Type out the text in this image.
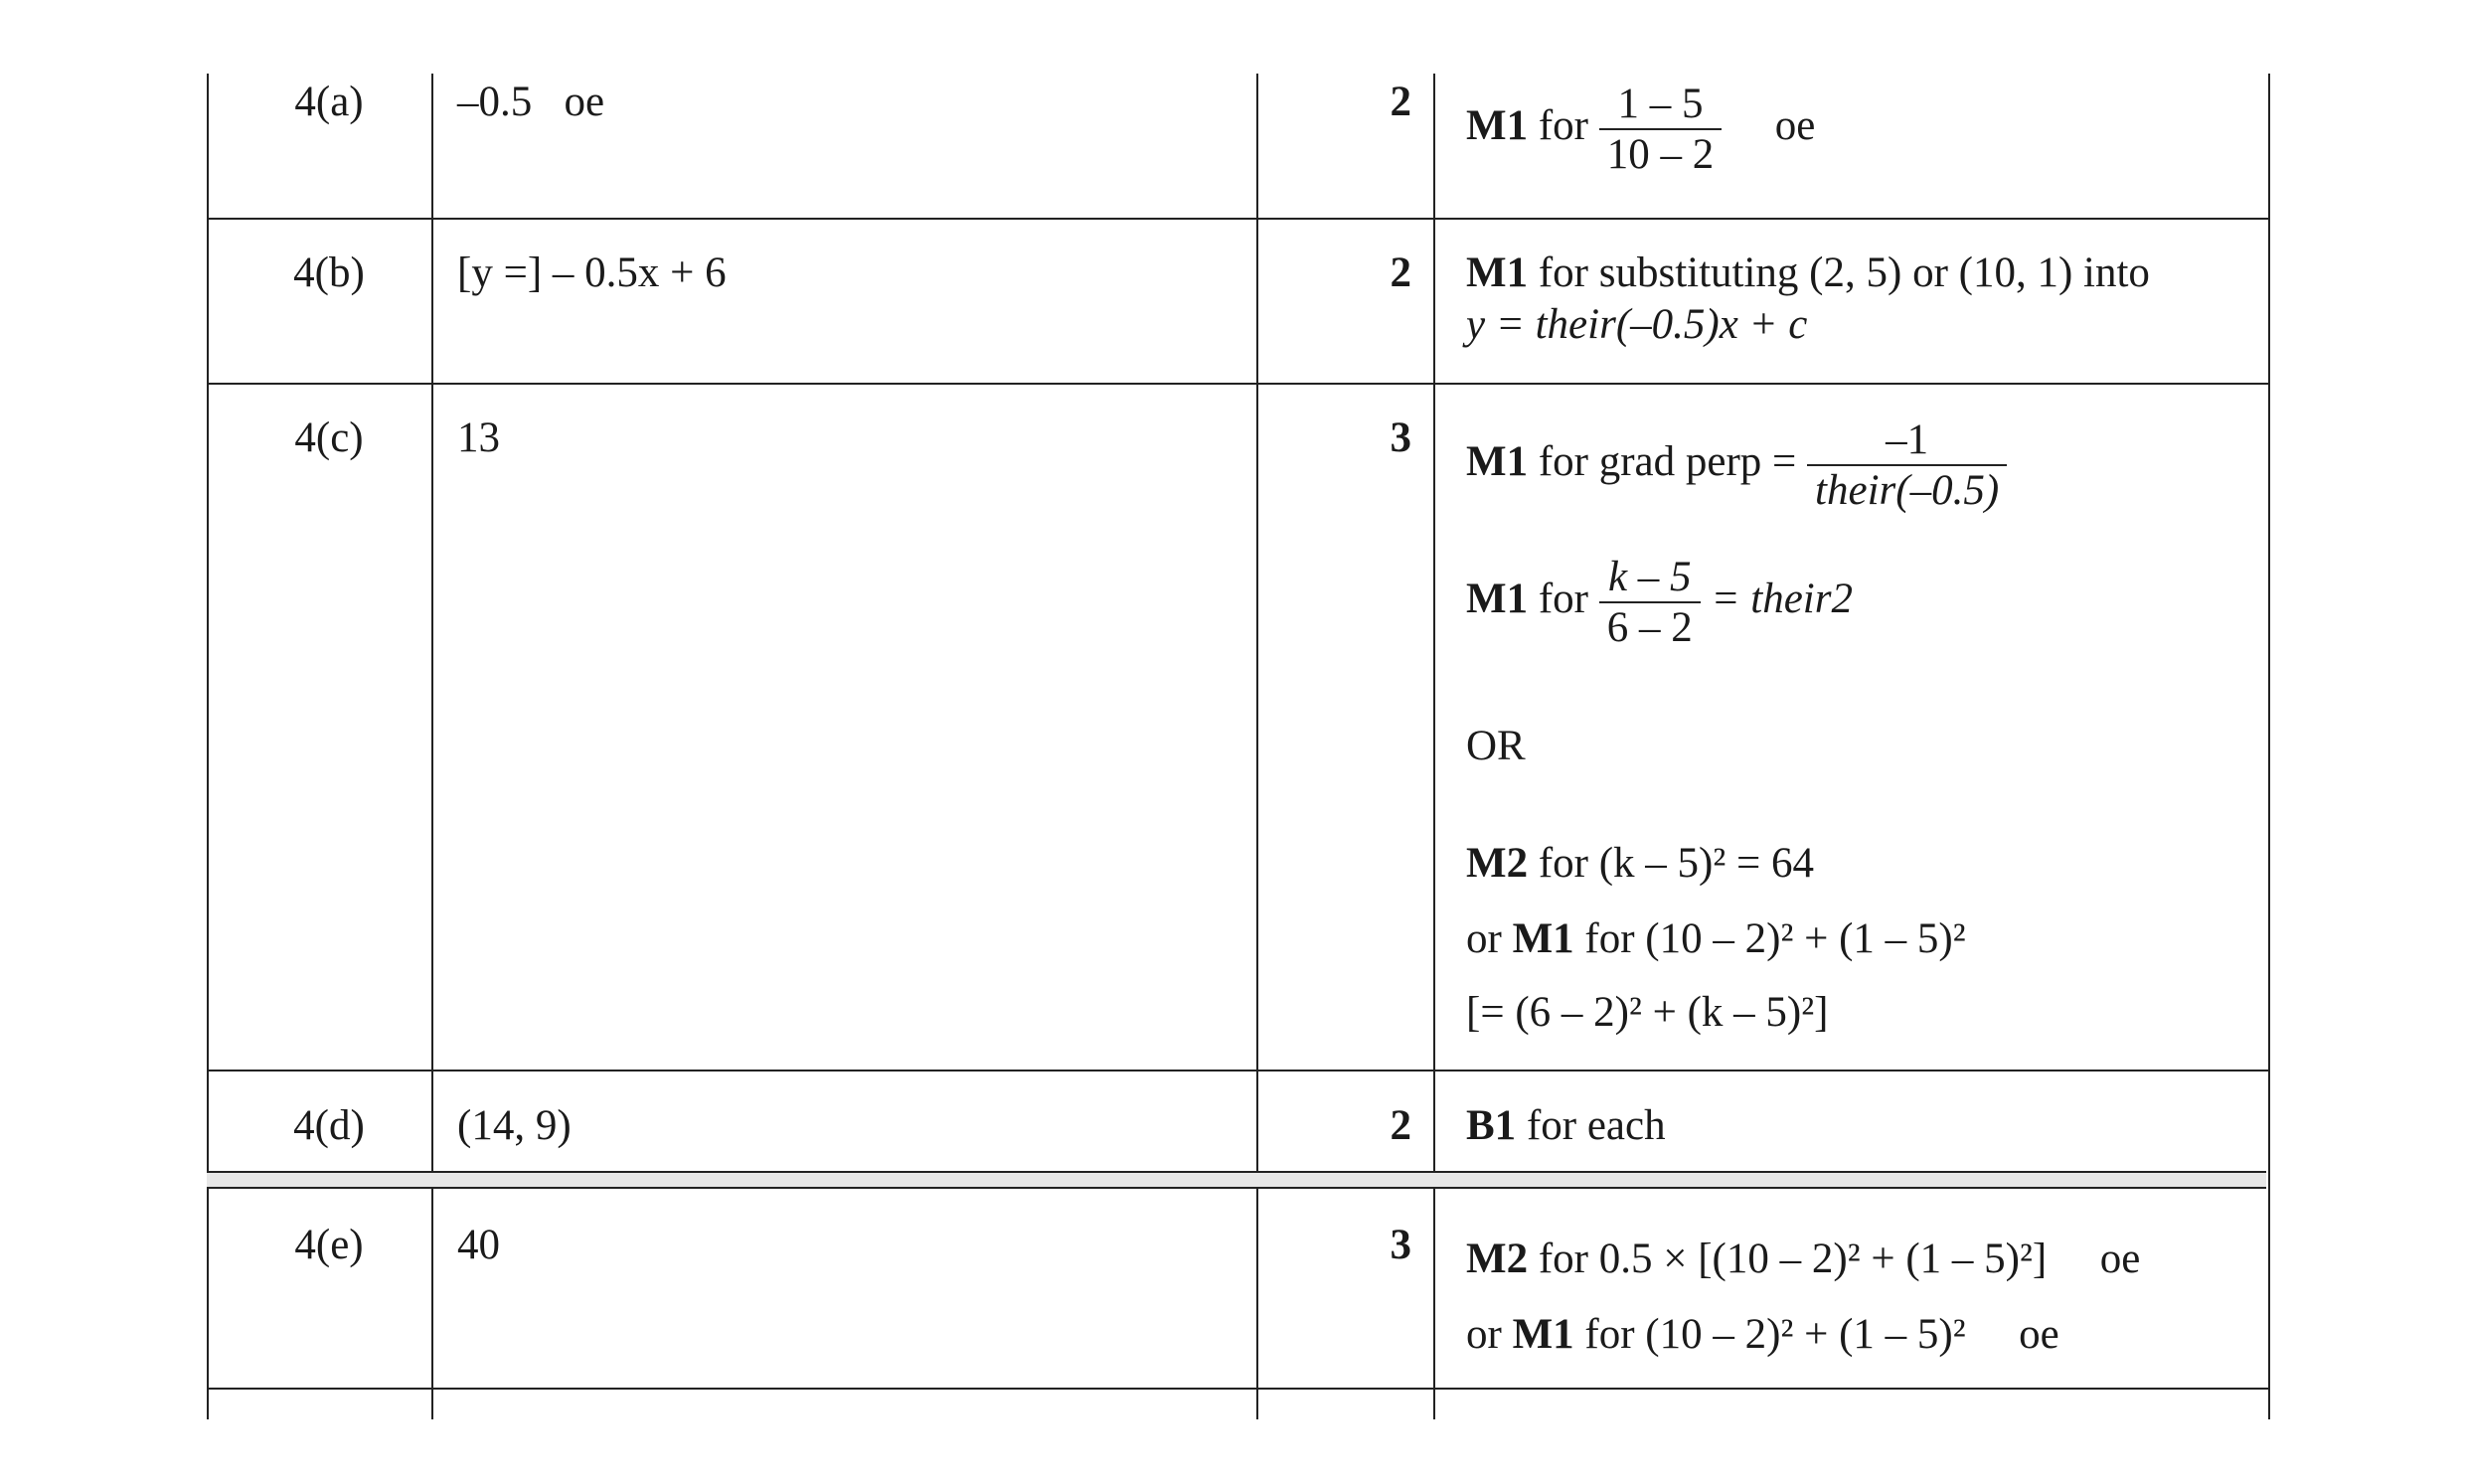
4(a)	–0.5   oe	2
M1 for $\frac{1 - 5}{10 - 2}$ oe
4(b)	[y =] – 0.5x + 6	2 M1 for substituting (2, 5) or (10, 1) into
y = their(–0.5)x + c
4(c)	13	3
M1 for grad perp = $\frac{-1}{\text{their(–0.5)}}$
M1 for $\frac{k - 5}{6 - 2}$ = their2
OR
M2 for (k – 5)² = 64
or M1 for (10 – 2)² + (1 – 5)²
[= (6 – 2)² + (k – 5)²]
4(d)	(14, 9)	2 B1 for each
4(e)	40	3 M2 for 0.5 × [(10 – 2)² + (1 – 5)²] oe
or M1 for (10 – 2)² + (1 – 5)² oe
